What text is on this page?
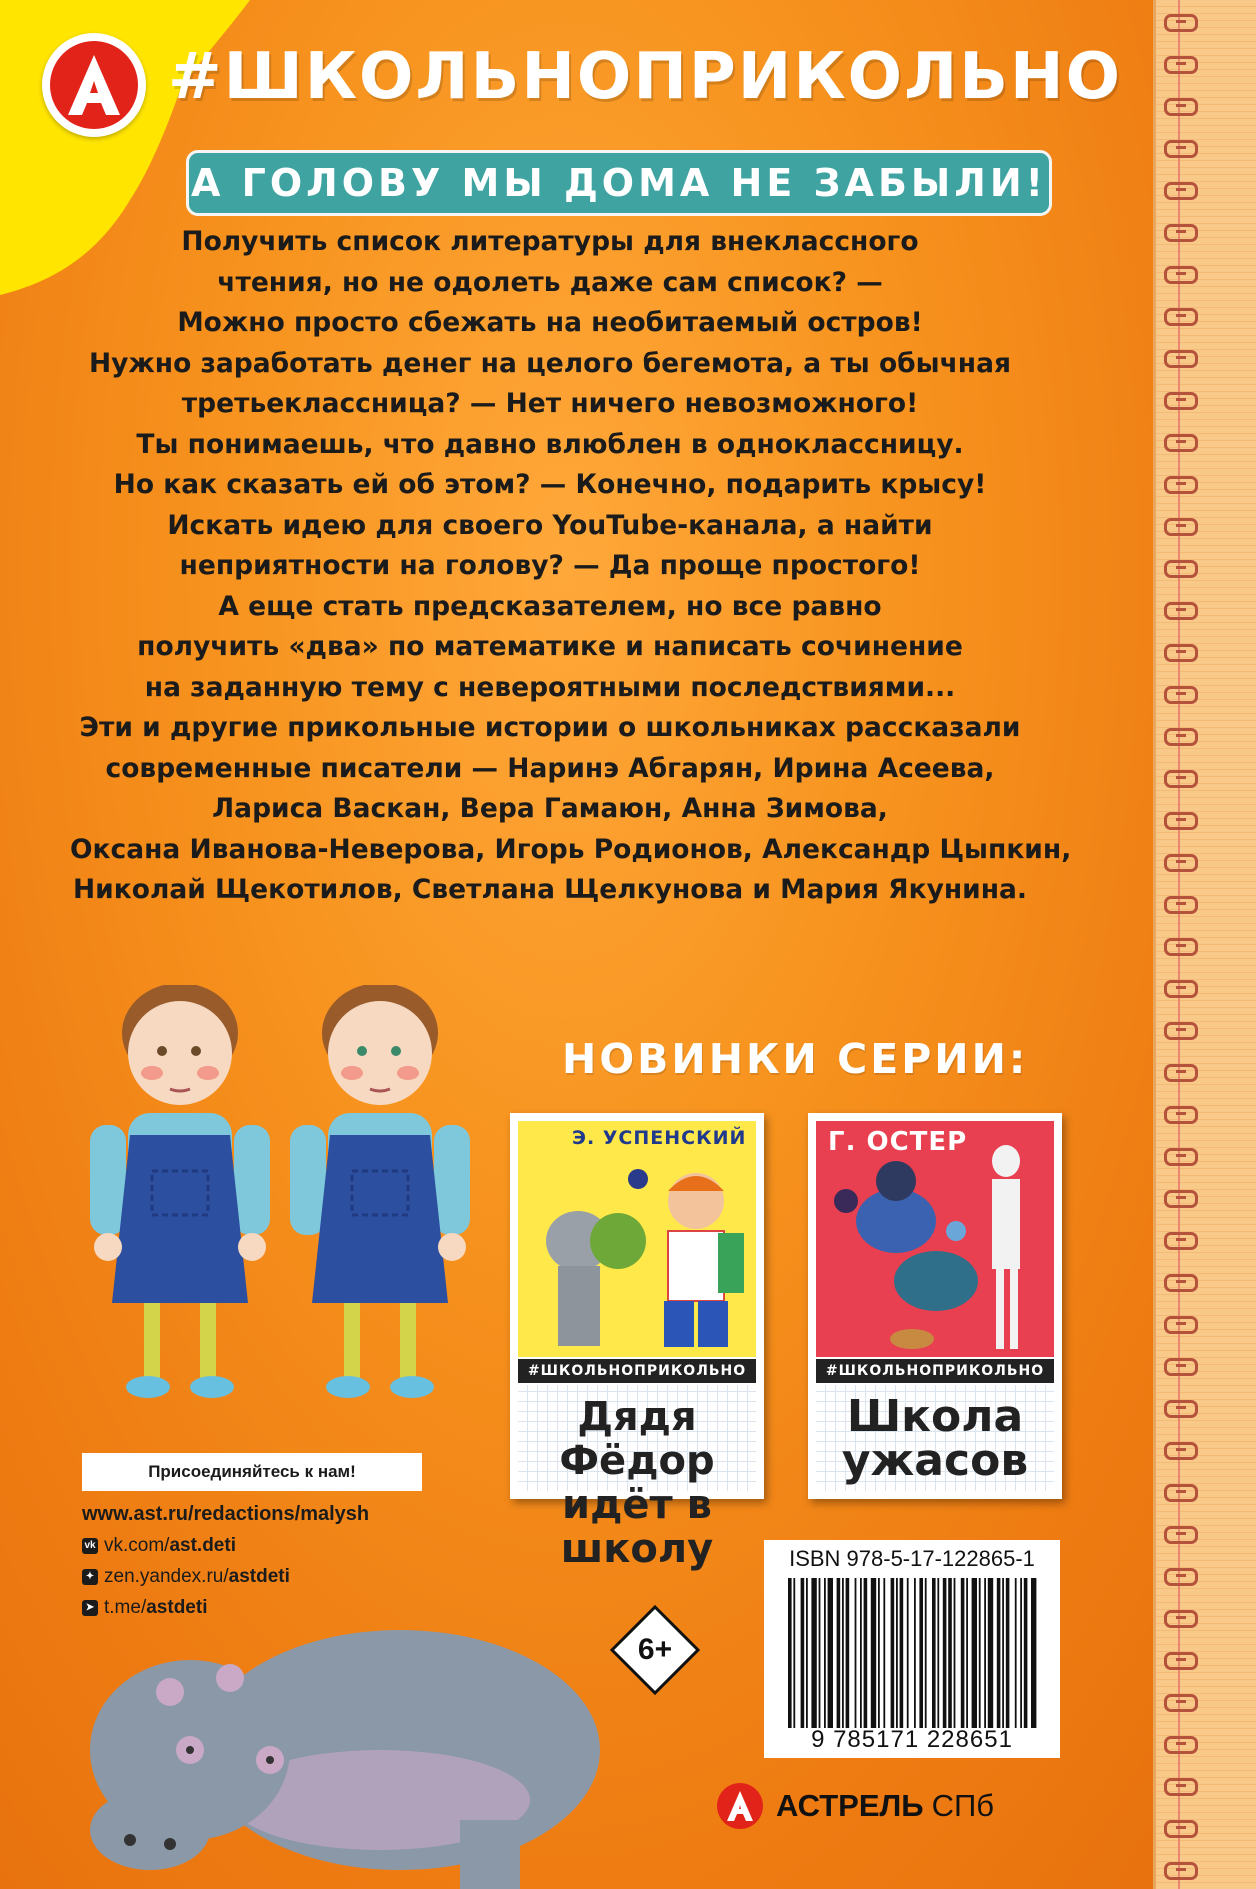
#ШКОЛЬНОПРИКОЛЬНО
А ГОЛОВУ МЫ ДОМА НЕ ЗАБЫЛИ!
Получить список литературы для внеклассного
чтения, но не одолеть даже сам список? —
Можно просто сбежать на необитаемый остров!
Нужно заработать денег на целого бегемота, а ты обычная
третьеклассница? — Нет ничего невозможного!
Ты понимаешь, что давно влюблен в одноклассницу.
Но как сказать ей об этом? — Конечно, подарить крысу!
Искать идею для своего YouTube-канала, а найти
неприятности на голову? — Да проще простого!
А еще стать предсказателем, но все равно
получить «два» по математике и написать сочинение
на заданную тему с невероятными последствиями...
Эти и другие прикольные истории о школьниках рассказали
современные писатели — Наринэ Абгарян, Ирина Асеева,
Лариса Васкан, Вера Гамаюн, Анна Зимова,
Оксана Иванова-Неверова, Игорь Родионов, Александр Цыпкин,
Николай Щекотилов, Светлана Щелкунова и Мария Якунина.
НОВИНКИ СЕРИИ:
Э. УСПЕНСКИЙ
#ШКОЛЬНОПРИКОЛЬНО
Дядя Фёдор
идёт в школу
Г. ОСТЕР
#ШКОЛЬНОПРИКОЛЬНО
Школа
ужасов
Присоединяйтесь к нам!
www.ast.ru/redactions/malysh
vk vk.com/ ast.deti
✦ zen.yandex.ru/ astdeti
➤ t.me/ astdeti
6+
ISBN 978-5-17-122865-1
9 785171 228651
АСТРЕЛЬ СПб
